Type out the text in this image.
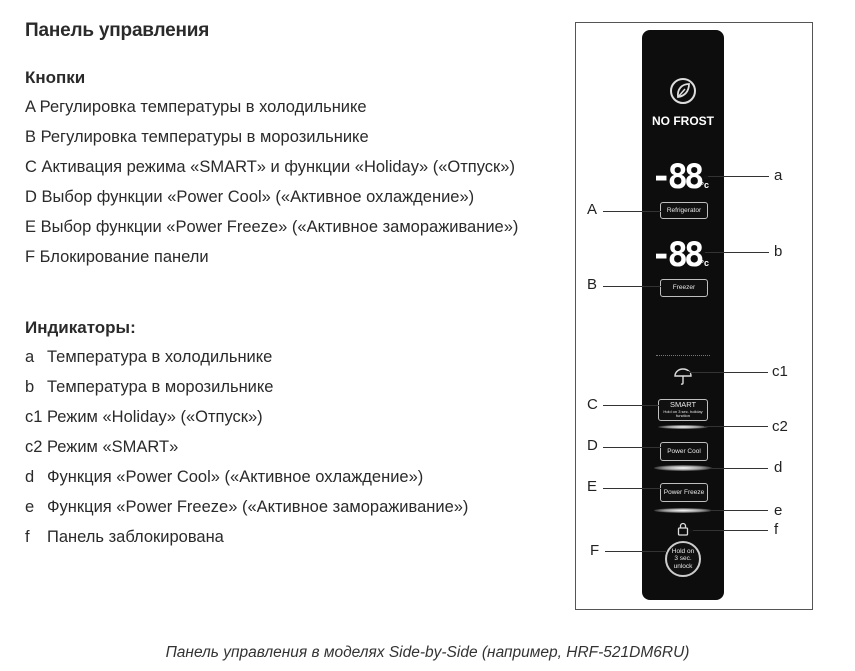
Панель управления
Кнопки
A Регулировка температуры в холодильнике
B Регулировка температуры в морозильнике
C Активация режима «SMART» и функции «Holiday» («Отпуск»)
D Выбор функции «Power Cool» («Активное охлаждение»)
E Выбор функции «Power Freeze» («Активное замораживание»)
F Блокирование панели
Индикаторы:
a Температура в холодильнике
b Температура в морозильнике
c1 Режим «Holiday» («Отпуск»)
c2 Режим «SMART»
d Функция «Power Cool» («Активное охлаждение»)
e Функция «Power Freeze» («Активное замораживание»)
f Панель заблокирована
NO FROST
-88°c
Refrigerator
-88°c
Freezer
SMART
Hold on 3 sec. holiday function
Power Cool
Power Freeze
Hold on
3 sec.
unlock
A
B
C
D
E
F
a
b
c1
c2
d
e
f
Панель управления в моделях Side-by-Side (например, HRF-521DM6RU)
